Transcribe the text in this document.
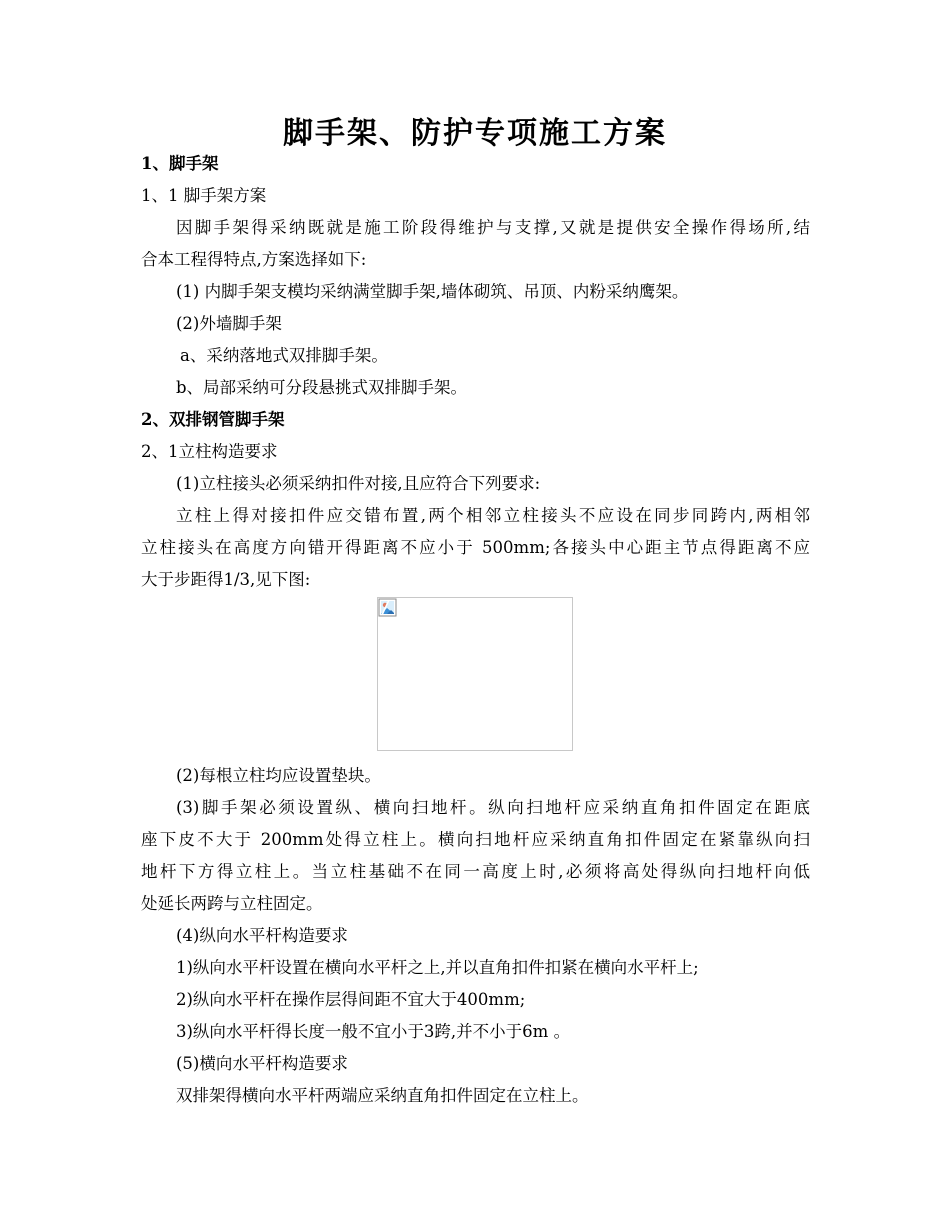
脚手架、防护专项施工方案
1、脚手架
1、1 脚手架方案
因脚手架得采纳既就是施工阶段得维护与支撑,又就是提供安全操作得场所,结
合本工程得特点,方案选择如下:
(1) 内脚手架支模均采纳满堂脚手架,墙体砌筑、吊顶、内粉采纳鹰架。
(2)外墙脚手架
a、采纳落地式双排脚手架。
b、局部采纳可分段悬挑式双排脚手架。
2、双排钢管脚手架
2、1立柱构造要求
(1)立柱接头必须采纳扣件对接,且应符合下列要求:
立柱上得对接扣件应交错布置,两个相邻立柱接头不应设在同步同跨内,两相邻
立柱接头在高度方向错开得距离不应小于 500mm;各接头中心距主节点得距离不应
大于步距得1/3,见下图:
(2)每根立柱均应设置垫块。
(3)脚手架必须设置纵、横向扫地杆。纵向扫地杆应采纳直角扣件固定在距底
座下皮不大于 200mm处得立柱上。横向扫地杆应采纳直角扣件固定在紧靠纵向扫
地杆下方得立柱上。当立柱基础不在同一高度上时,必须将高处得纵向扫地杆向低
处延长两跨与立柱固定。
(4)纵向水平杆构造要求
1)纵向水平杆设置在横向水平杆之上,并以直角扣件扣紧在横向水平杆上;
2)纵向水平杆在操作层得间距不宜大于400mm;
3)纵向水平杆得长度一般不宜小于3跨,并不小于6m 。
(5)横向水平杆构造要求
双排架得横向水平杆两端应采纳直角扣件固定在立柱上。
